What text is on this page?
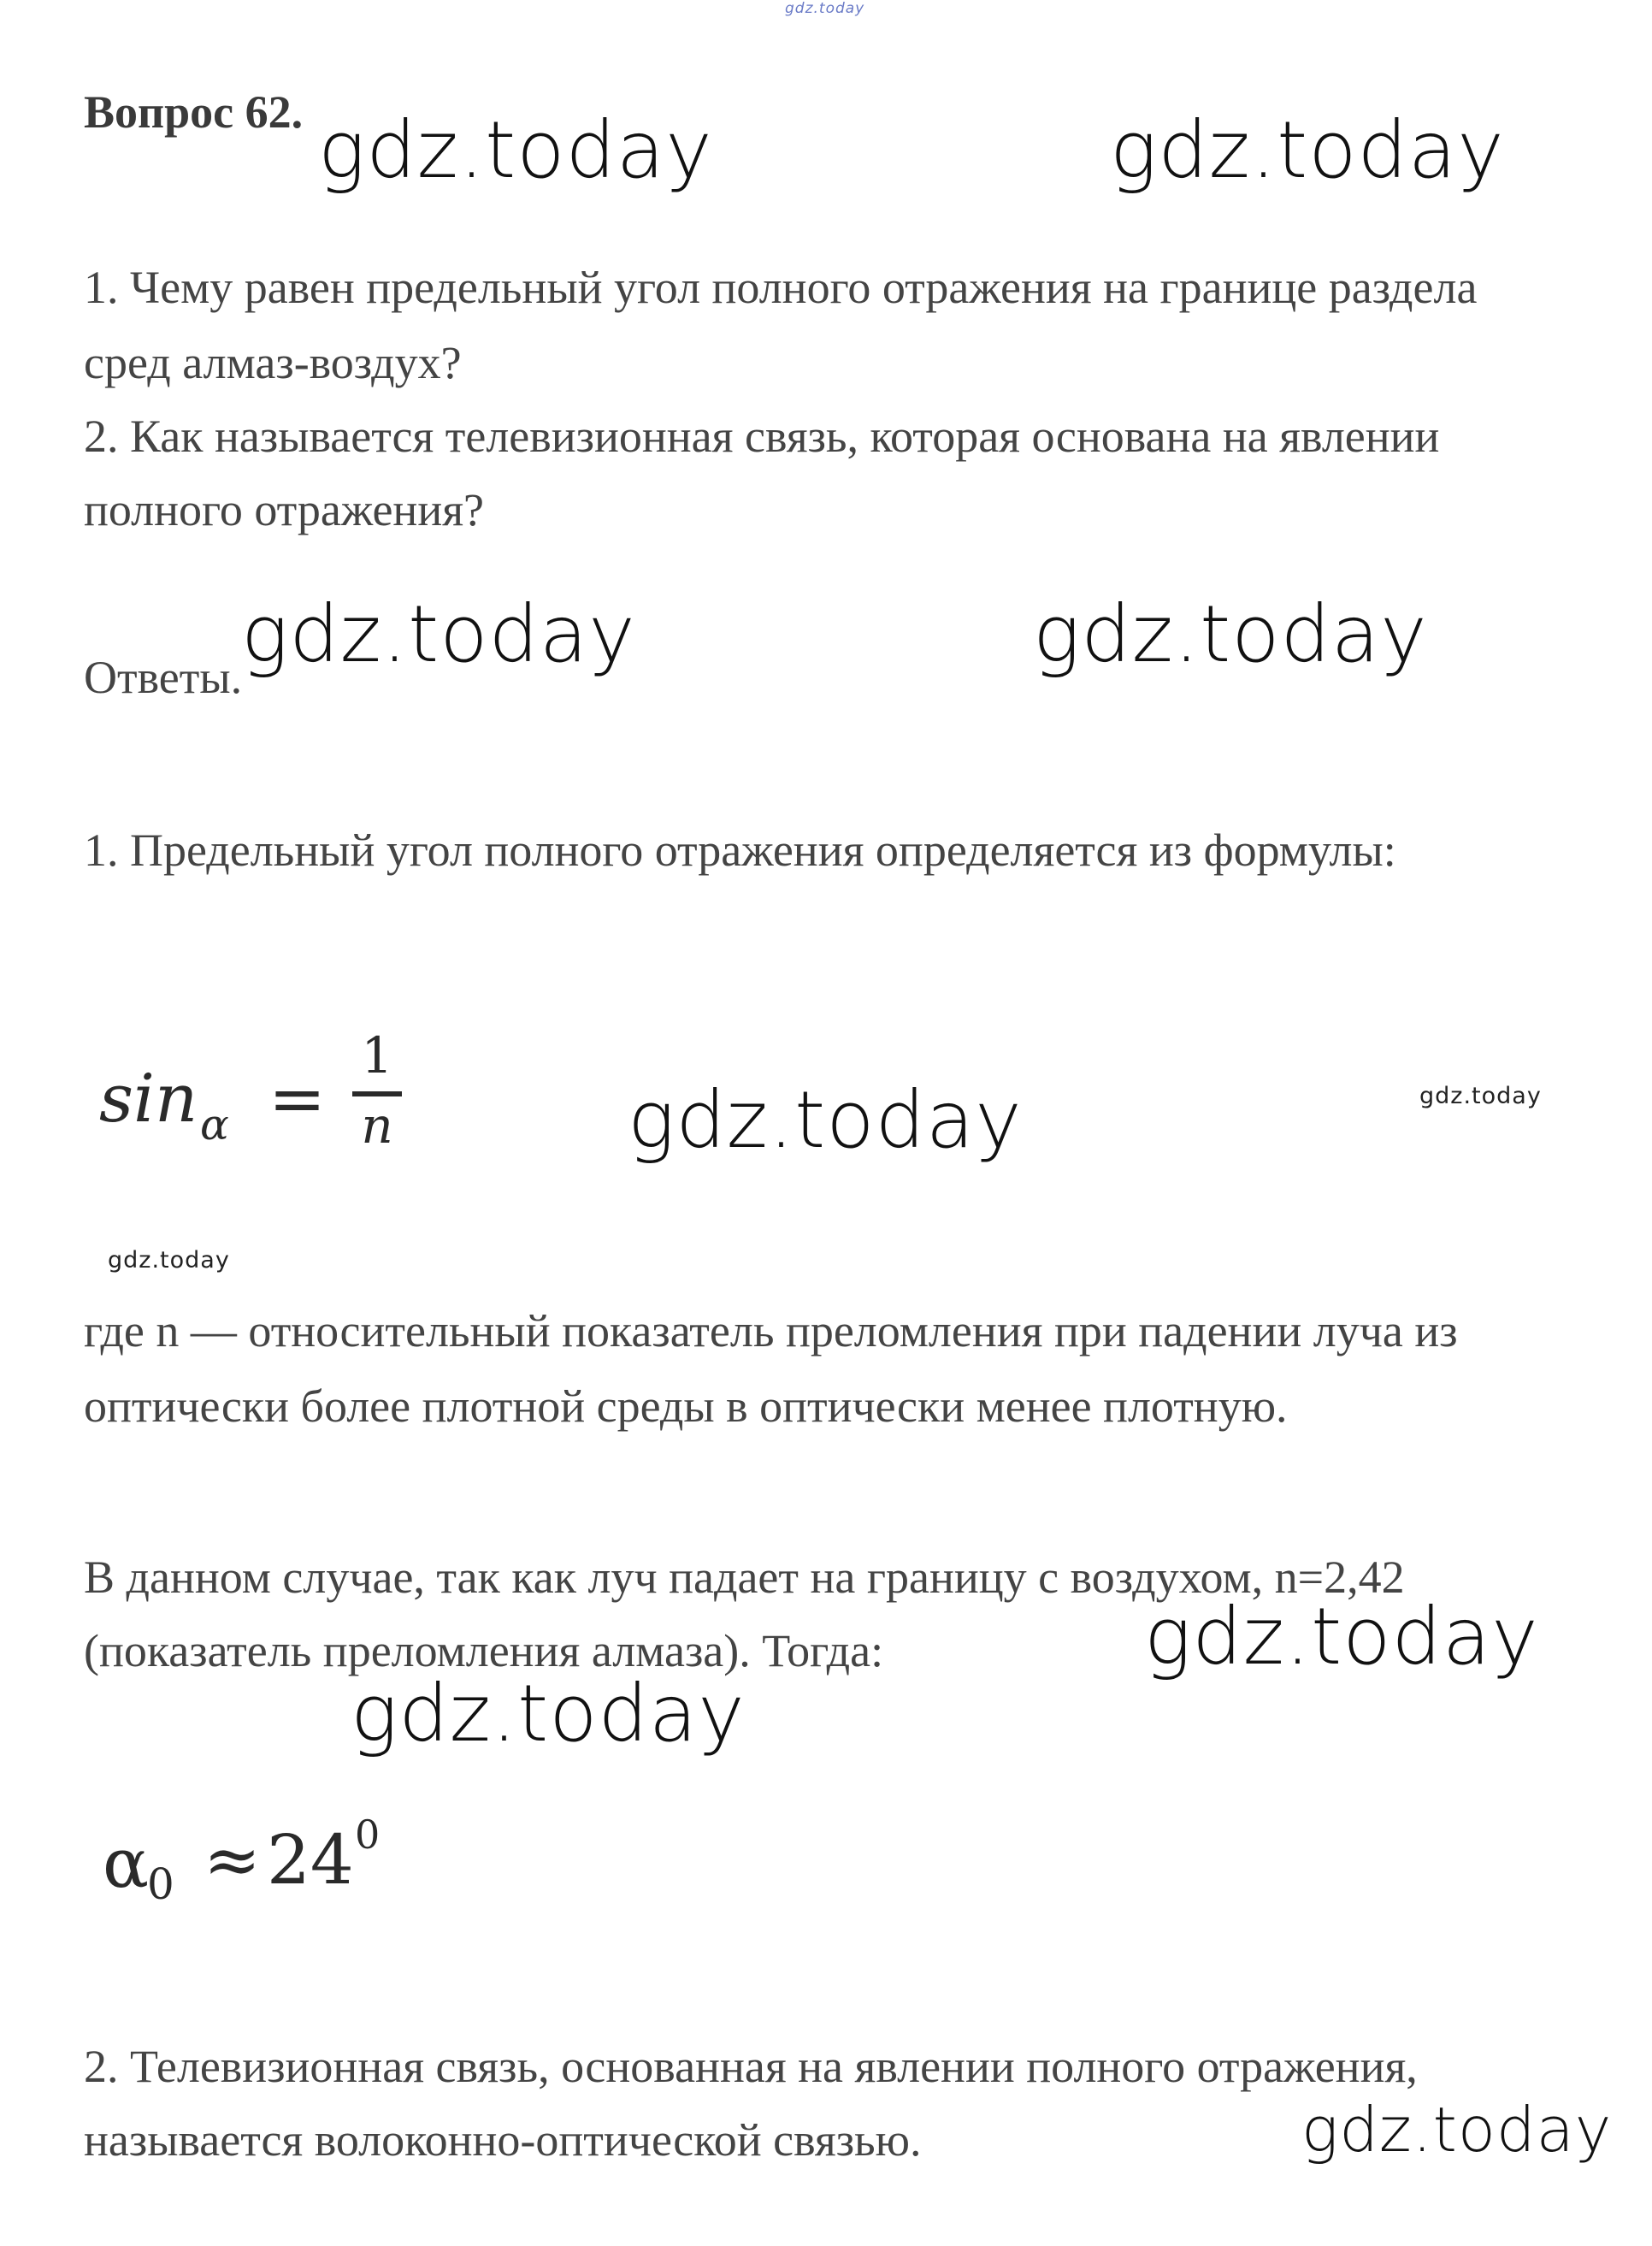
gdz.today
Вопрос 62.
1. Чему равен предельный угол полного отражения на границе раздела
сред алмаз-воздух?
2. Как называется телевизионная связь, которая основана на явлении
полного отражения?
Ответы.
1. Предельный угол полного отражения определяется из формулы:
sin α =
1
n
где n — относительный показатель преломления при падении луча из
оптически более плотной среды в оптически менее плотную.
В данном случае, так как луч падает на границу с воздухом, n=2,42
(показатель преломления алмаза). Тогда:
α
0 ≈ 24 0
2. Телевизионная связь, основанная на явлении полного отражения,
называется волоконно-оптической связью.
gdz.today	gdz.today
gdz.today	gdz.today
gdz.today	gdz.today
gdz.today
gdz.today
gdz.today
gdz.today
